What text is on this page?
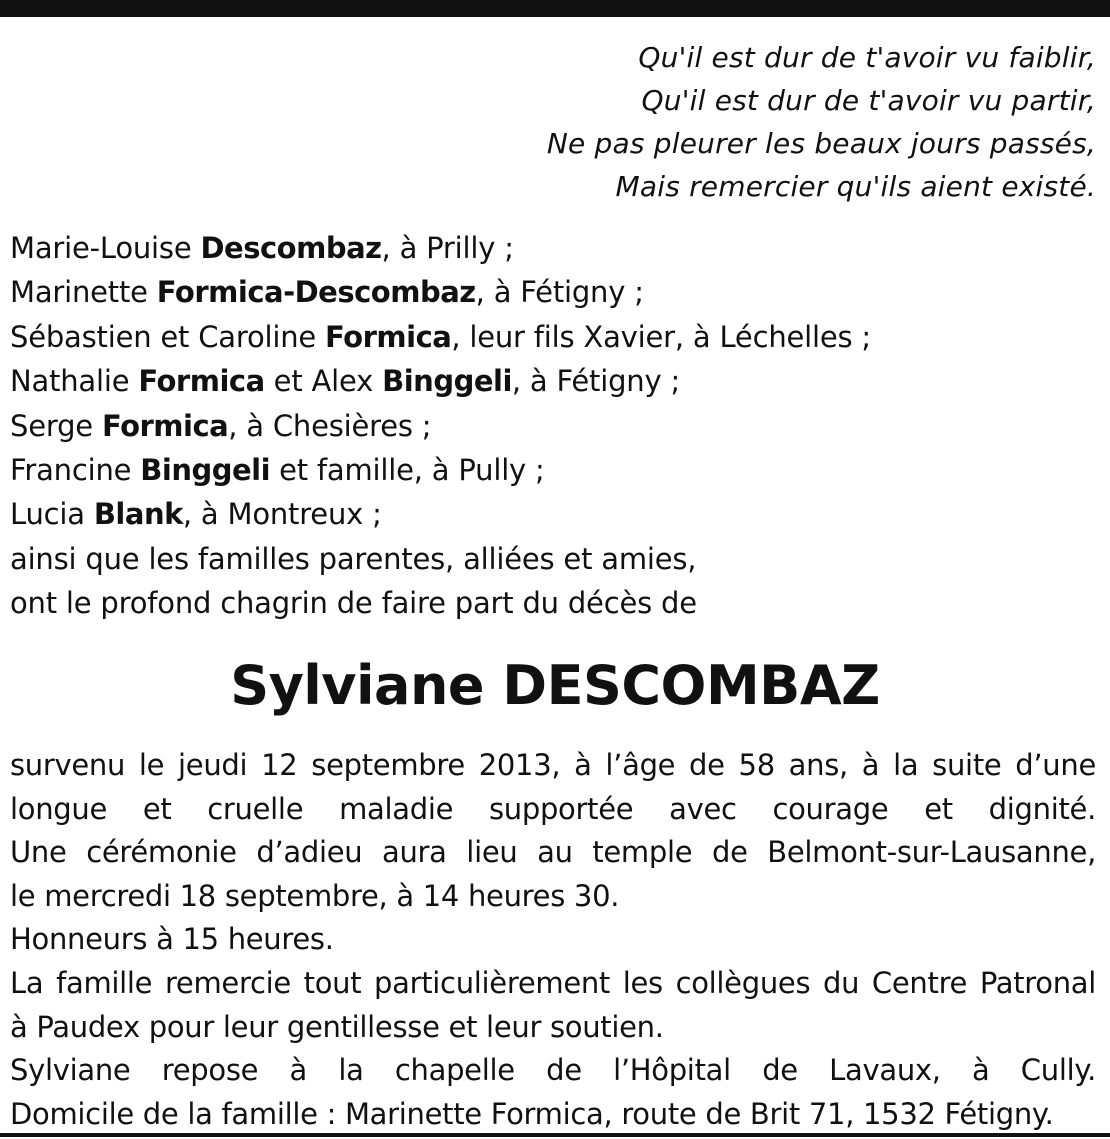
Qu'il est dur de t'avoir vu faiblir,
Qu'il est dur de t'avoir vu partir,
Ne pas pleurer les beaux jours passés,
Mais remercier qu'ils aient existé.
Marie-Louise Descombaz, à Prilly ;
Marinette Formica-Descombaz, à Fétigny ;
Sébastien et Caroline Formica, leur fils Xavier, à Léchelles ;
Nathalie Formica et Alex Binggeli, à Fétigny ;
Serge Formica, à Chesières ;
Francine Binggeli et famille, à Pully ;
Lucia Blank, à Montreux ;
ainsi que les familles parentes, alliées et amies,
ont le profond chagrin de faire part du décès de
Sylviane DESCOMBAZ
survenu le jeudi 12 septembre 2013, à l’âge de 58 ans, à la suite d’une
longue et cruelle maladie supportée avec courage et dignité.
Une cérémonie d’adieu aura lieu au temple de Belmont-sur-Lausanne,
le mercredi 18 septembre, à 14 heures 30.
Honneurs à 15 heures.
La famille remercie tout particulièrement les collègues du Centre Patronal
à Paudex pour leur gentillesse et leur soutien.
Sylviane repose à la chapelle de l’Hôpital de Lavaux, à Cully.
Domicile de la famille : Marinette Formica, route de Brit 71, 1532 Fétigny.
